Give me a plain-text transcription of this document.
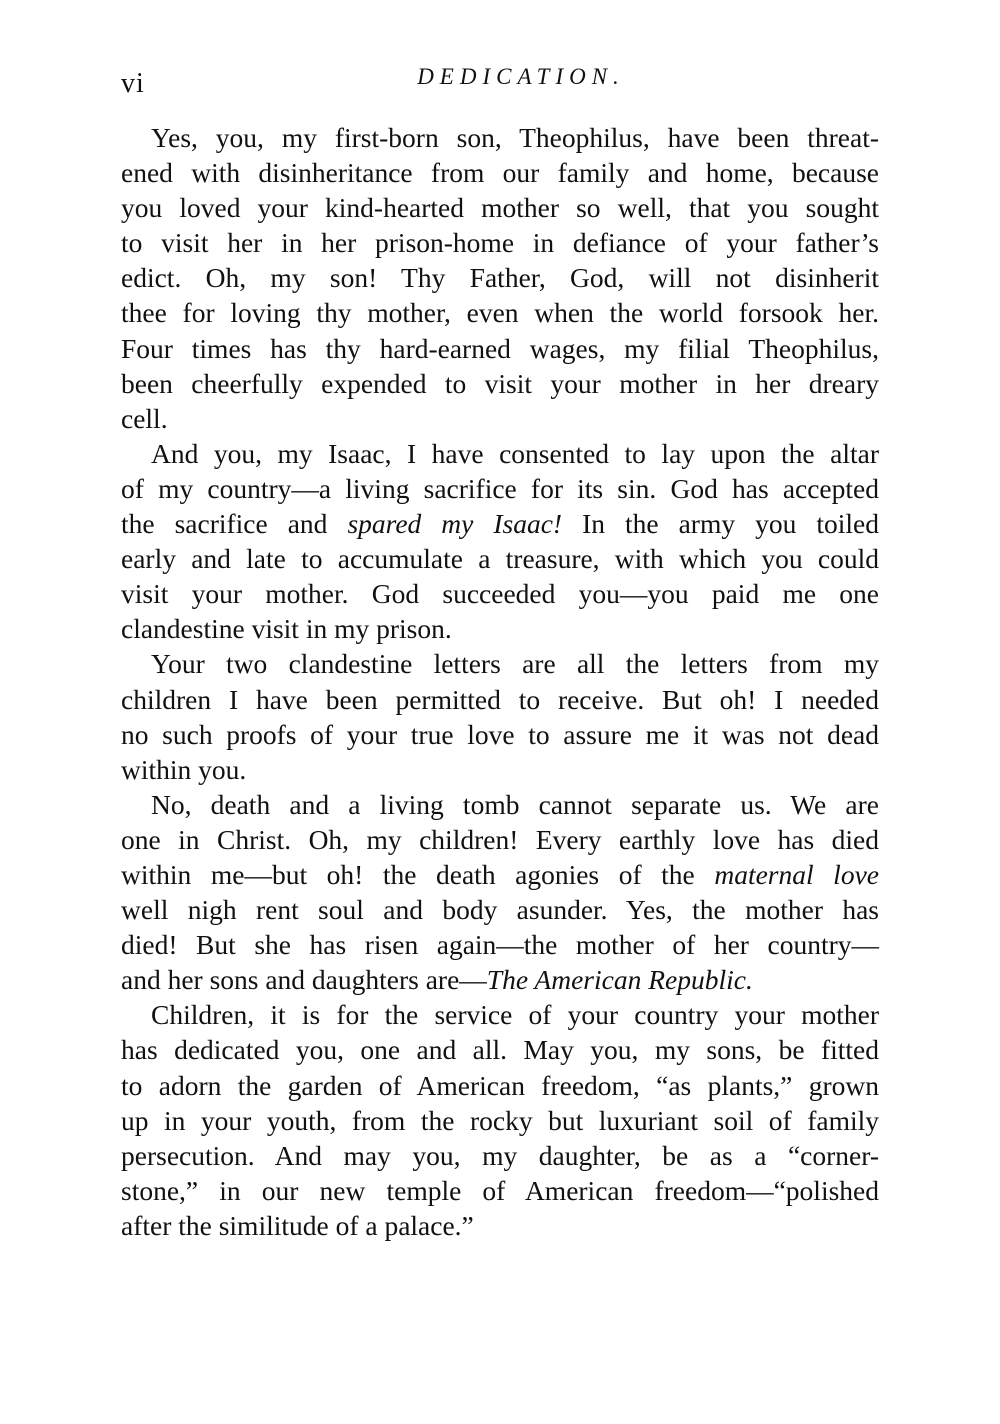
vi	DEDICATION.
Yes, you, my first-born son, Theophilus, have been threat-
ened with disinheritance from our family and home, because
you loved your kind-hearted mother so well, that you sought
to visit her in her prison-home in defiance of your father’s
edict. Oh, my son! Thy Father, God, will not disinherit
thee for loving thy mother, even when the world forsook her.
Four times has thy hard-earned wages, my filial Theophilus,
been cheerfully expended to visit your mother in her dreary
cell.
And you, my Isaac, I have consented to lay upon the altar
of my country—a living sacrifice for its sin. God has accepted
the sacrifice and spared my Isaac! In the army you toiled
early and late to accumulate a treasure, with which you could
visit your mother. God succeeded you—you paid me one
clandestine visit in my prison.
Your two clandestine letters are all the letters from my
children I have been permitted to receive. But oh! I needed
no such proofs of your true love to assure me it was not dead
within you.
No, death and a living tomb cannot separate us. We are
one in Christ. Oh, my children! Every earthly love has died
within me—but oh! the death agonies of the maternal love
well nigh rent soul and body asunder. Yes, the mother has
died! But she has risen again—the mother of her country—
and her sons and daughters are—The American Republic.
Children, it is for the service of your country your mother
has dedicated you, one and all. May you, my sons, be fitted
to adorn the garden of American freedom, “as plants,” grown
up in your youth, from the rocky but luxuriant soil of family
persecution. And may you, my daughter, be as a “corner-
stone,” in our new temple of American freedom—“polished
after the similitude of a palace.”
